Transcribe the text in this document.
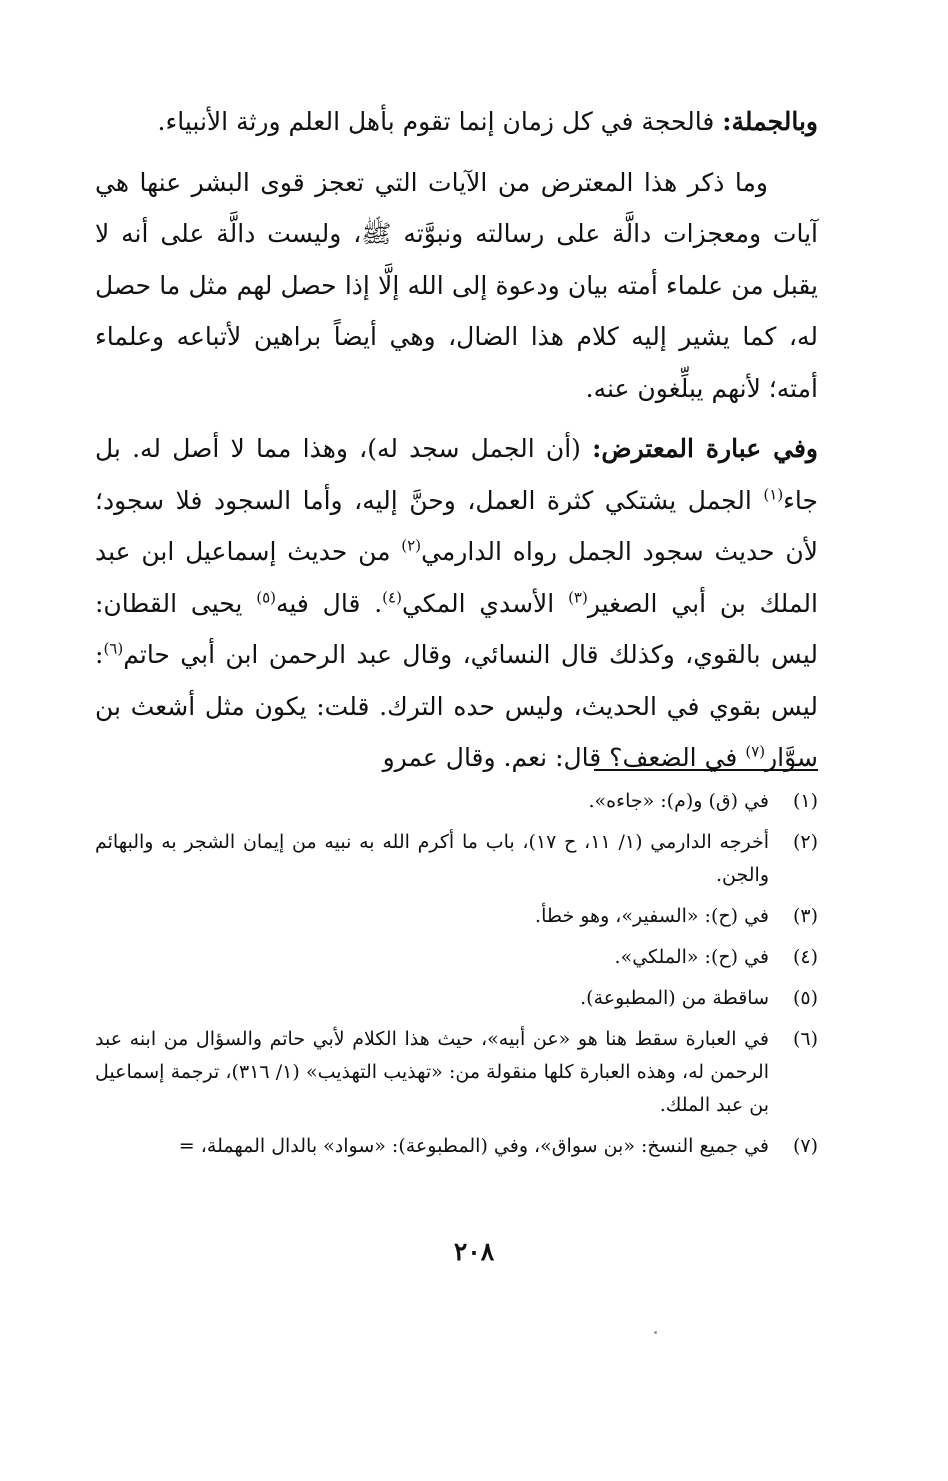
وبالجملة: فالحجة في كل زمان إنما تقوم بأهل العلم ورثة الأنبياء.

  وما ذكر هذا المعترض من الآيات التي تعجز قوى البشر عنها هي آيات ومعجزات دالَّة على رسالته ونبوَّته ﷺ، وليست دالَّة على أنه لا يقبل من علماء أمته بيان ودعوة إلى الله إلَّا إذا حصل لهم مثل ما حصل له، كما يشير إليه كلام هذا الضال، وهي أيضاً براهين لأتباعه وعلماء أمته؛ لأنهم يبلِّغون عنه.

وفي عبارة المعترض: (أن الجمل سجد له)، وهذا مما لا أصل له. بل جاء$^{(١)}$ الجمل يشتكي كثرة العمل، وحنَّ إليه، وأما السجود فلا سجود؛ لأن حديث سجود الجمل رواه الدارمي$^{(٢)}$ من حديث إسماعيل ابن عبد الملك بن أبي الصغير$^{(٣)}$ الأسدي المكي$^{(٤)}$. قال فيه$^{(٥)}$ يحيى القطان: ليس بالقوي، وكذلك قال النسائي، وقال عبد الرحمن ابن أبي حاتم$^{(٦)}$: ليس بقوي في الحديث، وليس حده الترك. قلت: يكون مثل أشعث بن سوَّار$^{(٧)}$ في الضعف؟ قال: نعم. وقال عمرو

(١)
في (ق) و(م): «جاءه».
(٢)
أخرجه الدارمي (١/ ١١، ح ١٧)، باب ما أكرم الله به نبيه من إيمان الشجر به والبهائم والجن.
(٣)
في (ح): «السفير»، وهو خطأ.
(٤)
في (ح): «الملكي».
(٥)
ساقطة من (المطبوعة).
(٦)
في العبارة سقط هنا هو «عن أبيه»، حيث هذا الكلام لأبي حاتم والسؤال من ابنه عبد الرحمن له، وهذه العبارة كلها منقولة من: «تهذيب التهذيب» (١/ ٣١٦)، ترجمة إسماعيل بن عبد الملك.
(٧)
في جميع النسخ: «بن سواق»، وفي (المطبوعة): «سواد» بالدال المهملة، =
٢٠٨
